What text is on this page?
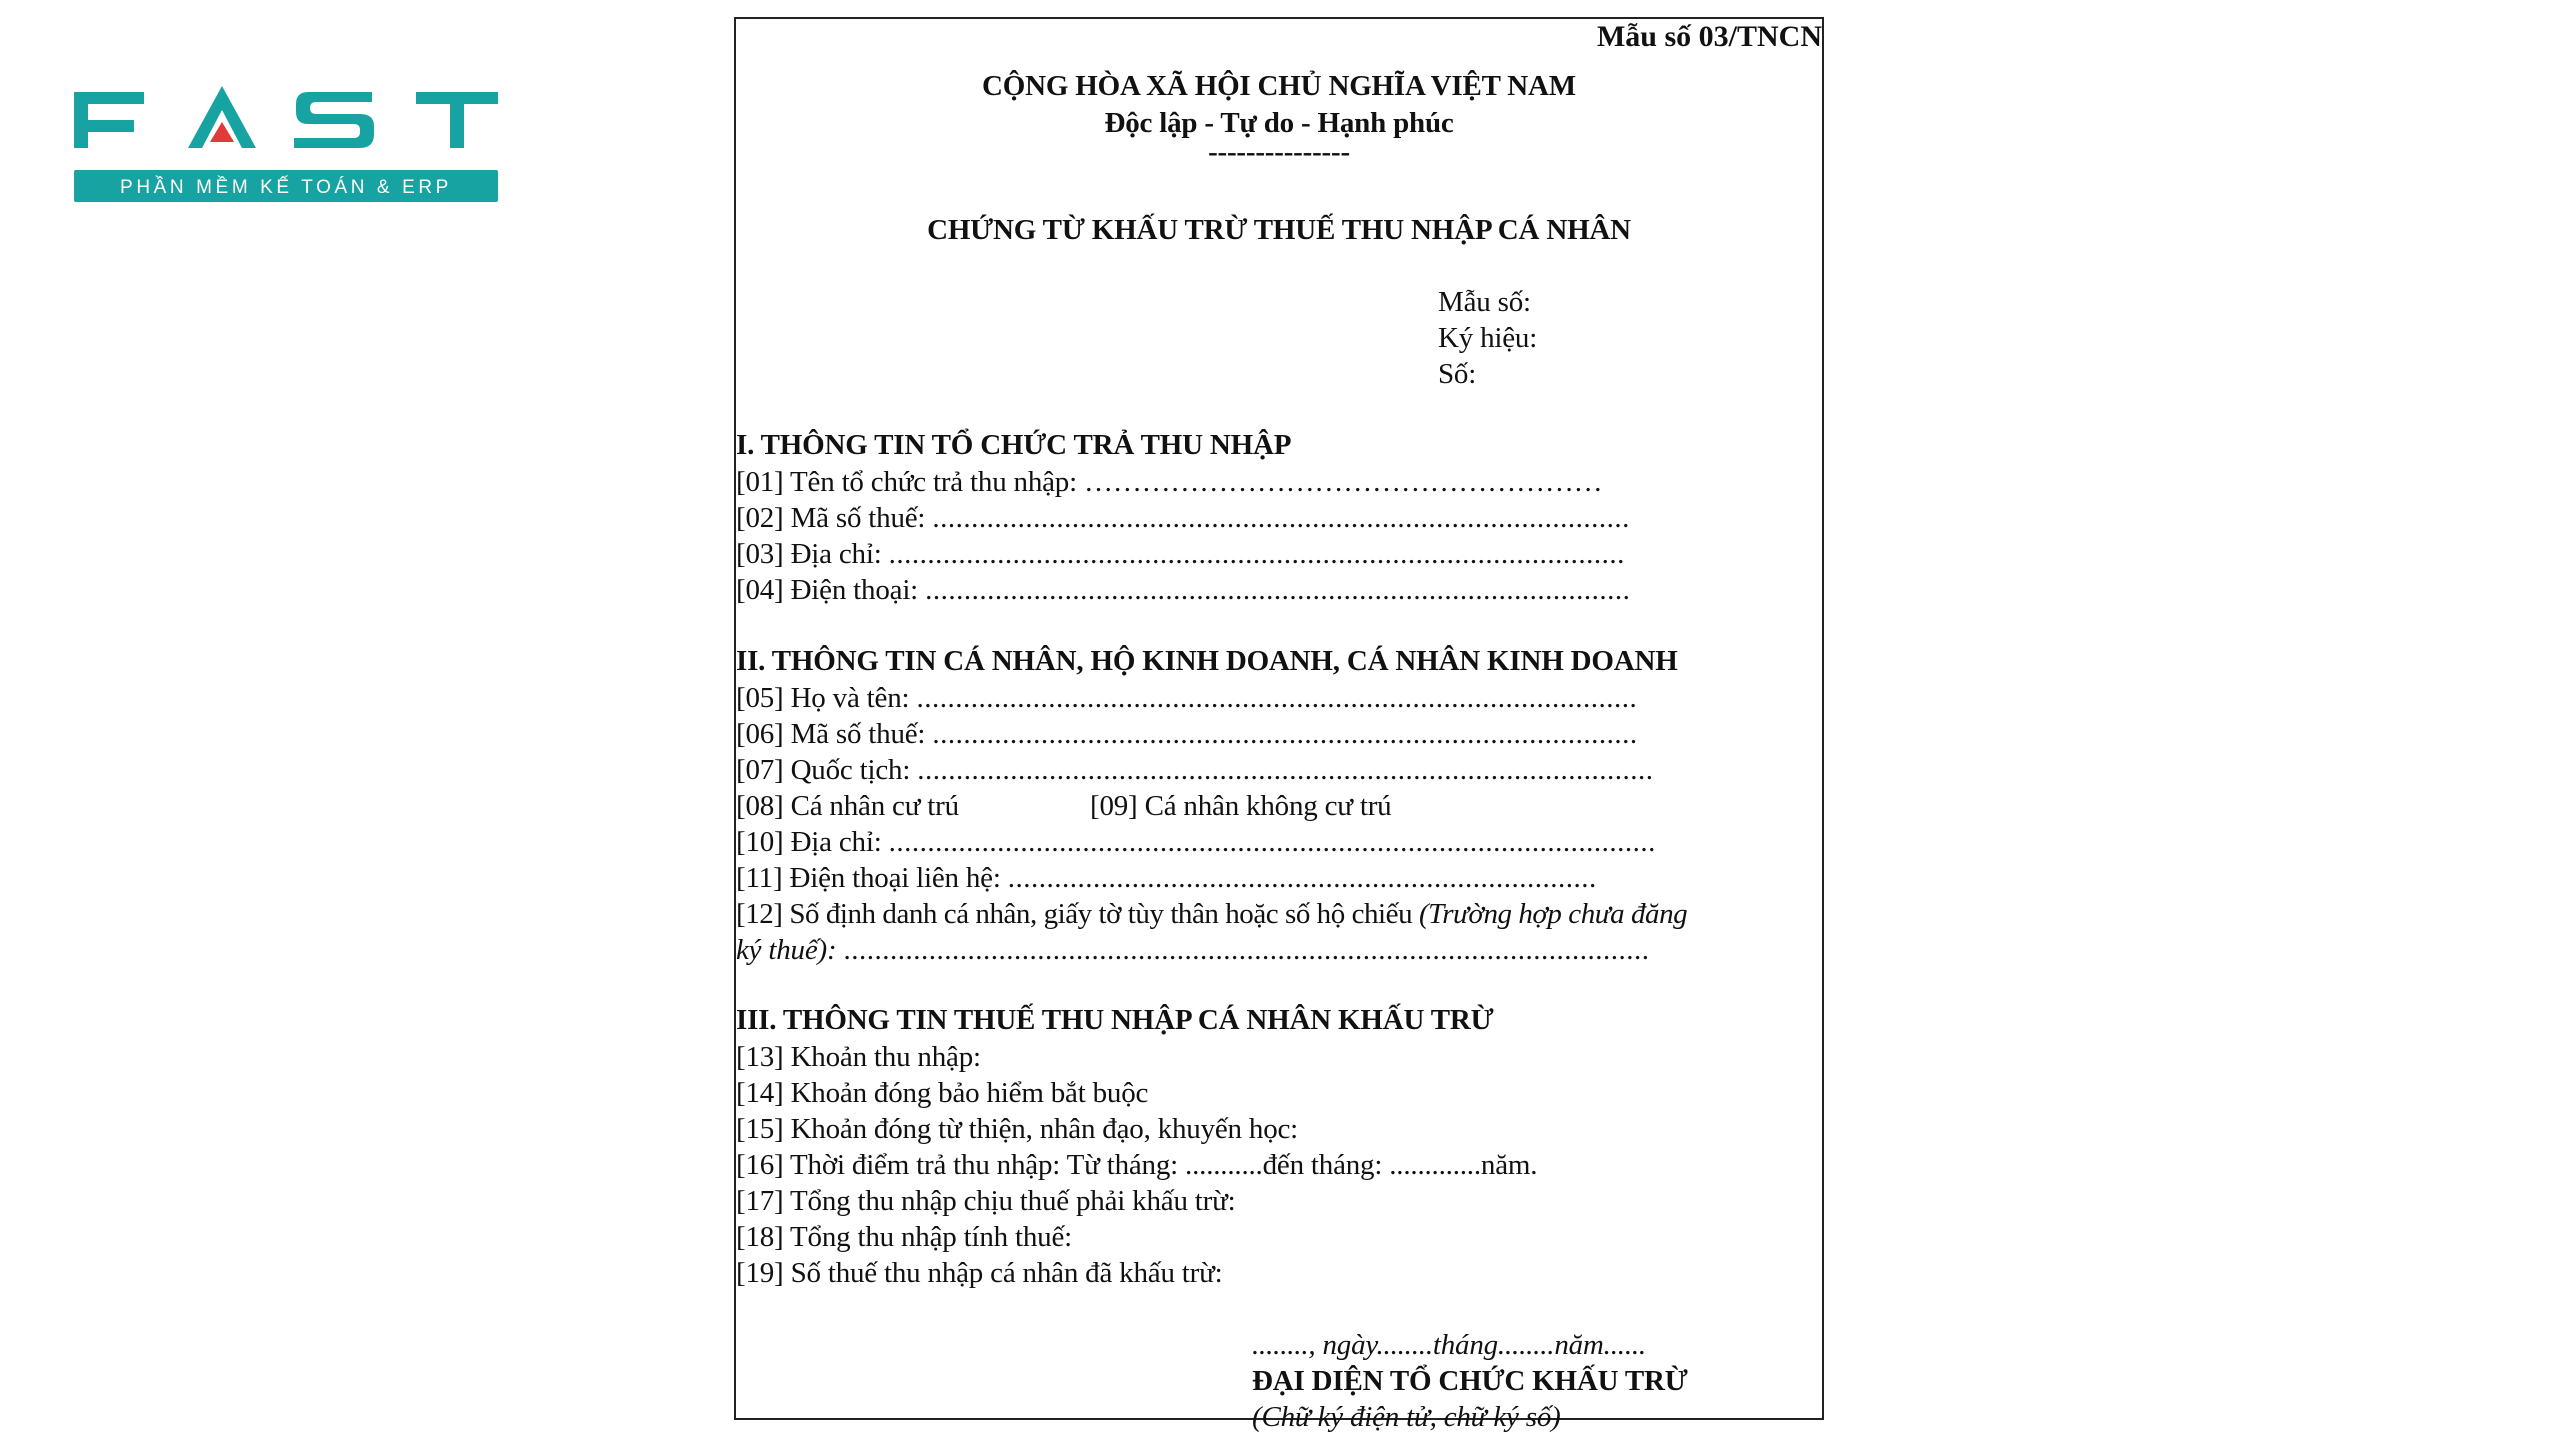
PHẦN MỀM KẾ TOÁN & ERP
Mẫu số 03/TNCN
CỘNG HÒA XÃ HỘI CHỦ NGHĨA VIỆT NAM
Độc lập - Tự do - Hạnh phúc
---------------
CHỨNG TỪ KHẤU TRỪ THUẾ THU NHẬP CÁ NHÂN
Mẫu số:
Ký hiệu:
Số:
I. THÔNG TIN TỔ CHỨC TRẢ THU NHẬP
[01] Tên tổ chức trả thu nhập: ………………………………………………
[02] Mã số thuế: ..........................................................................................
[03] Địa chỉ: ...............................................................................................
[04] Điện thoại: ...........................................................................................
II. THÔNG TIN CÁ NHÂN, HỘ KINH DOANH, CÁ NHÂN KINH DOANH
[05] Họ và tên: .............................................................................................
[06] Mã số thuế: ...........................................................................................
[07] Quốc tịch: ...............................................................................................
[08] Cá nhân cư trú	[09] Cá nhân không cư trú
[10] Địa chỉ: ...................................................................................................
[11] Điện thoại liên hệ: ............................................................................
[12] Số định danh cá nhân, giấy tờ tùy thân hoặc số hộ chiếu (Trường hợp chưa đăng
ký thuế): ........................................................................................................
III. THÔNG TIN THUẾ THU NHẬP CÁ NHÂN KHẤU TRỪ
[13] Khoản thu nhập:
[14] Khoản đóng bảo hiểm bắt buộc
[15] Khoản đóng từ thiện, nhân đạo, khuyến học:
[16] Thời điểm trả thu nhập: Từ tháng: ...........đến tháng: .............năm.
[17] Tổng thu nhập chịu thuế phải khấu trừ:
[18] Tổng thu nhập tính thuế:
[19] Số thuế thu nhập cá nhân đã khấu trừ:
........, ngày........tháng........năm......
ĐẠI DIỆN TỔ CHỨC KHẤU TRỪ
(Chữ ký điện tử, chữ ký số)
